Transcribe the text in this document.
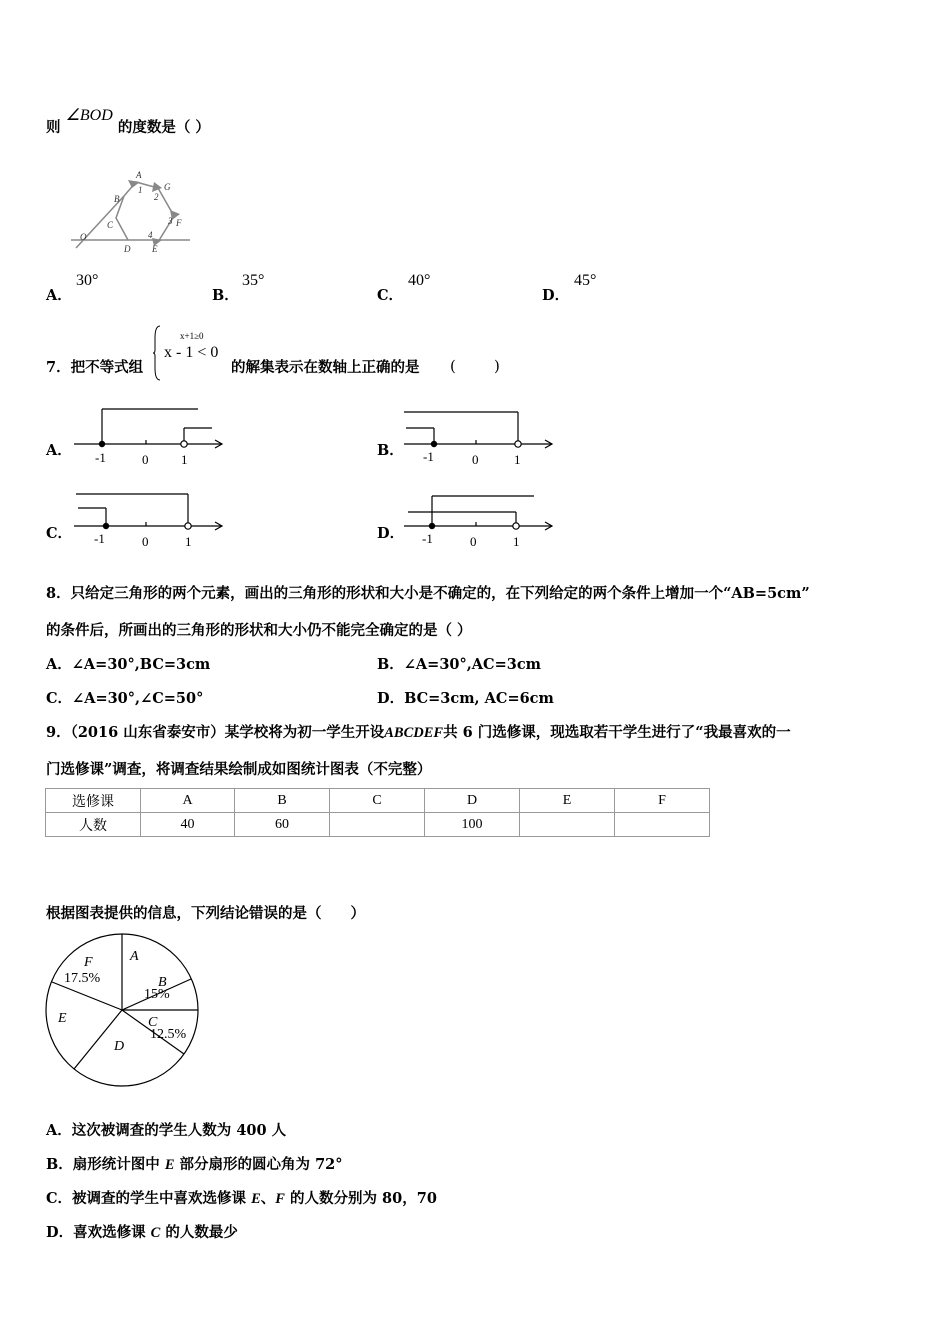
则 ∠BOD 的度数是（ ）
A
G
B
1
2
C	3 F
O	4
D E
A．
30°
B．
35°
C．
40°
D．
45°
7．把不等式组
x+1≥0
x - 1 < 0
的解集表示在数轴上正确的是 (        )
A． -1	0	1
B． -1	0	1
C． -1	0	1	D． -1	0	1
8．只给定三角形的两个元素，画出的三角形的形状和大小是不确定的，在下列给定的两个条件上增加一个“AB=5cm”
的条件后，所画出的三角形的形状和大小仍不能完全确定的是（ ）
A．∠A=30°,BC=3cm	B．∠A=30°,AC=3cm
C．∠A=30°,∠C=50°	D．BC=3cm, AC=6cm
9．（2016 山东省泰安市）某学校将为初一学生开设ABCDEF共 6 门选修课，现选取若干学生进行了“我最喜欢的一
门选修课”调查，将调查结果绘制成如图统计图表（不完整）
选修课	A	B	C	D	E	F
人数	40	60		100		
根据图表提供的信息，下列结论错误的是（　　）
F
17.5%
A
B
15%
E	C
12.5%
D
A．这次被调查的学生人数为 400 人
B．扇形统计图中 E 部分扇形的圆心角为 72°
C．被调查的学生中喜欢选修课 E、F 的人数分别为 80，70
D．喜欢选修课 C 的人数最少
